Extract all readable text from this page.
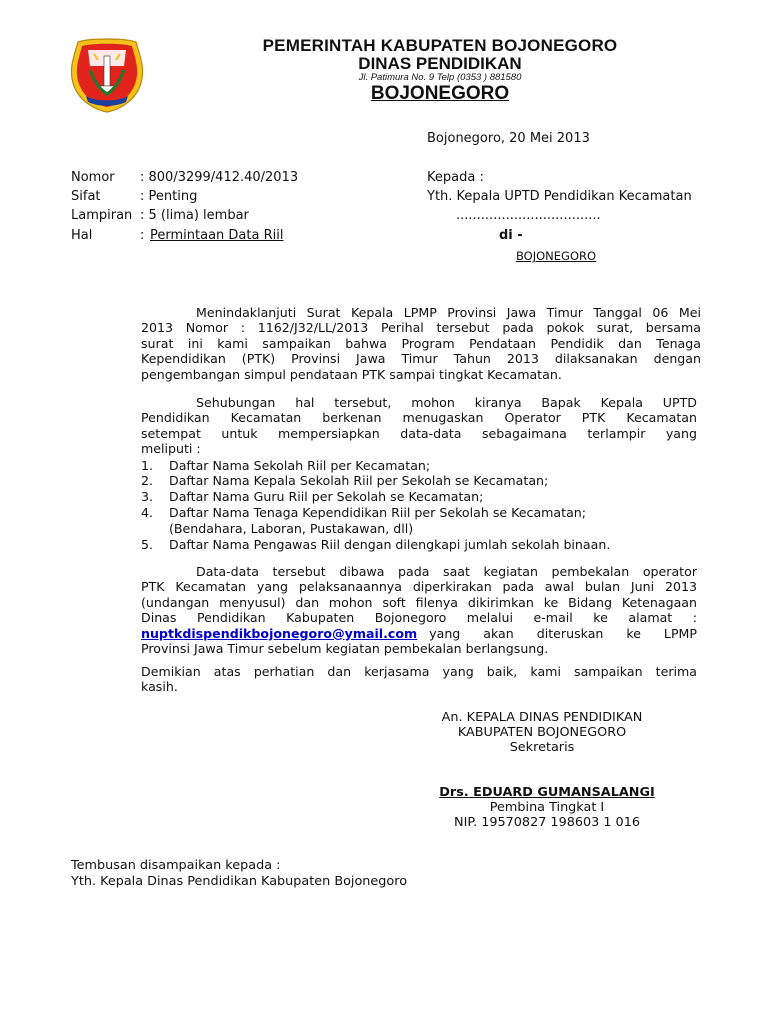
PEMERINTAH KABUPATEN BOJONEGORO
DINAS PENDIDIKAN
Jl. Patimura No. 9 Telp (0353 ) 881580
BOJONEGORO
Bojonegoro, 20 Mei 2013
Nomor : 800/3299/412.40/2013
Sifat	: Penting
Lampiran : 5 (lima) lembar
Hal	: Permintaan Data Riil
Kepada :
Yth. Kepala UPTD Pendidikan Kecamatan
...................................
di -
BOJONEGORO
Menindaklanjuti Surat Kepala LPMP Provinsi Jawa Timur Tanggal 06 Mei
2013 Nomor : 1162/J32/LL/2013 Perihal tersebut pada pokok surat, bersama
surat ini kami sampaikan bahwa Program Pendataan Pendidik dan Tenaga
Kependidikan (PTK) Provinsi Jawa Timur Tahun 2013 dilaksanakan dengan
pengembangan simpul pendataan PTK sampai tingkat Kecamatan.
Sehubungan hal tersebut, mohon kiranya Bapak Kepala UPTD
Pendidikan Kecamatan berkenan menugaskan Operator PTK Kecamatan
setempat untuk mempersiapkan data-data sebagaimana terlampir yang
meliputi :
1. Daftar Nama Sekolah Riil per Kecamatan;
2. Daftar Nama Kepala Sekolah Riil per Sekolah se Kecamatan;
3. Daftar Nama Guru Riil per Sekolah se Kecamatan;
4. Daftar Nama Tenaga Kependidikan Riil per Sekolah se Kecamatan;
(Bendahara, Laboran, Pustakawan, dll)
5. Daftar Nama Pengawas Riil dengan dilengkapi jumlah sekolah binaan.
Data-data tersebut dibawa pada saat kegiatan pembekalan operator
PTK Kecamatan yang pelaksanaannya diperkirakan pada awal bulan Juni 2013
(undangan menyusul) dan mohon soft filenya dikirimkan ke Bidang Ketenagaan
Dinas Pendidikan Kabupaten Bojonegoro melalui e-mail ke alamat :
nuptkdispendikbojonegoro@ymail.com yang akan diteruskan ke LPMP
Provinsi Jawa Timur sebelum kegiatan pembekalan berlangsung.
Demikian atas perhatian dan kerjasama yang baik, kami sampaikan terima
kasih.
An. KEPALA DINAS PENDIDIKAN
KABUPATEN BOJONEGORO
Sekretaris
Drs. EDUARD GUMANSALANGI
Pembina Tingkat I
NIP. 19570827 198603 1 016
Tembusan disampaikan kepada :
Yth. Kepala Dinas Pendidikan Kabupaten Bojonegoro
